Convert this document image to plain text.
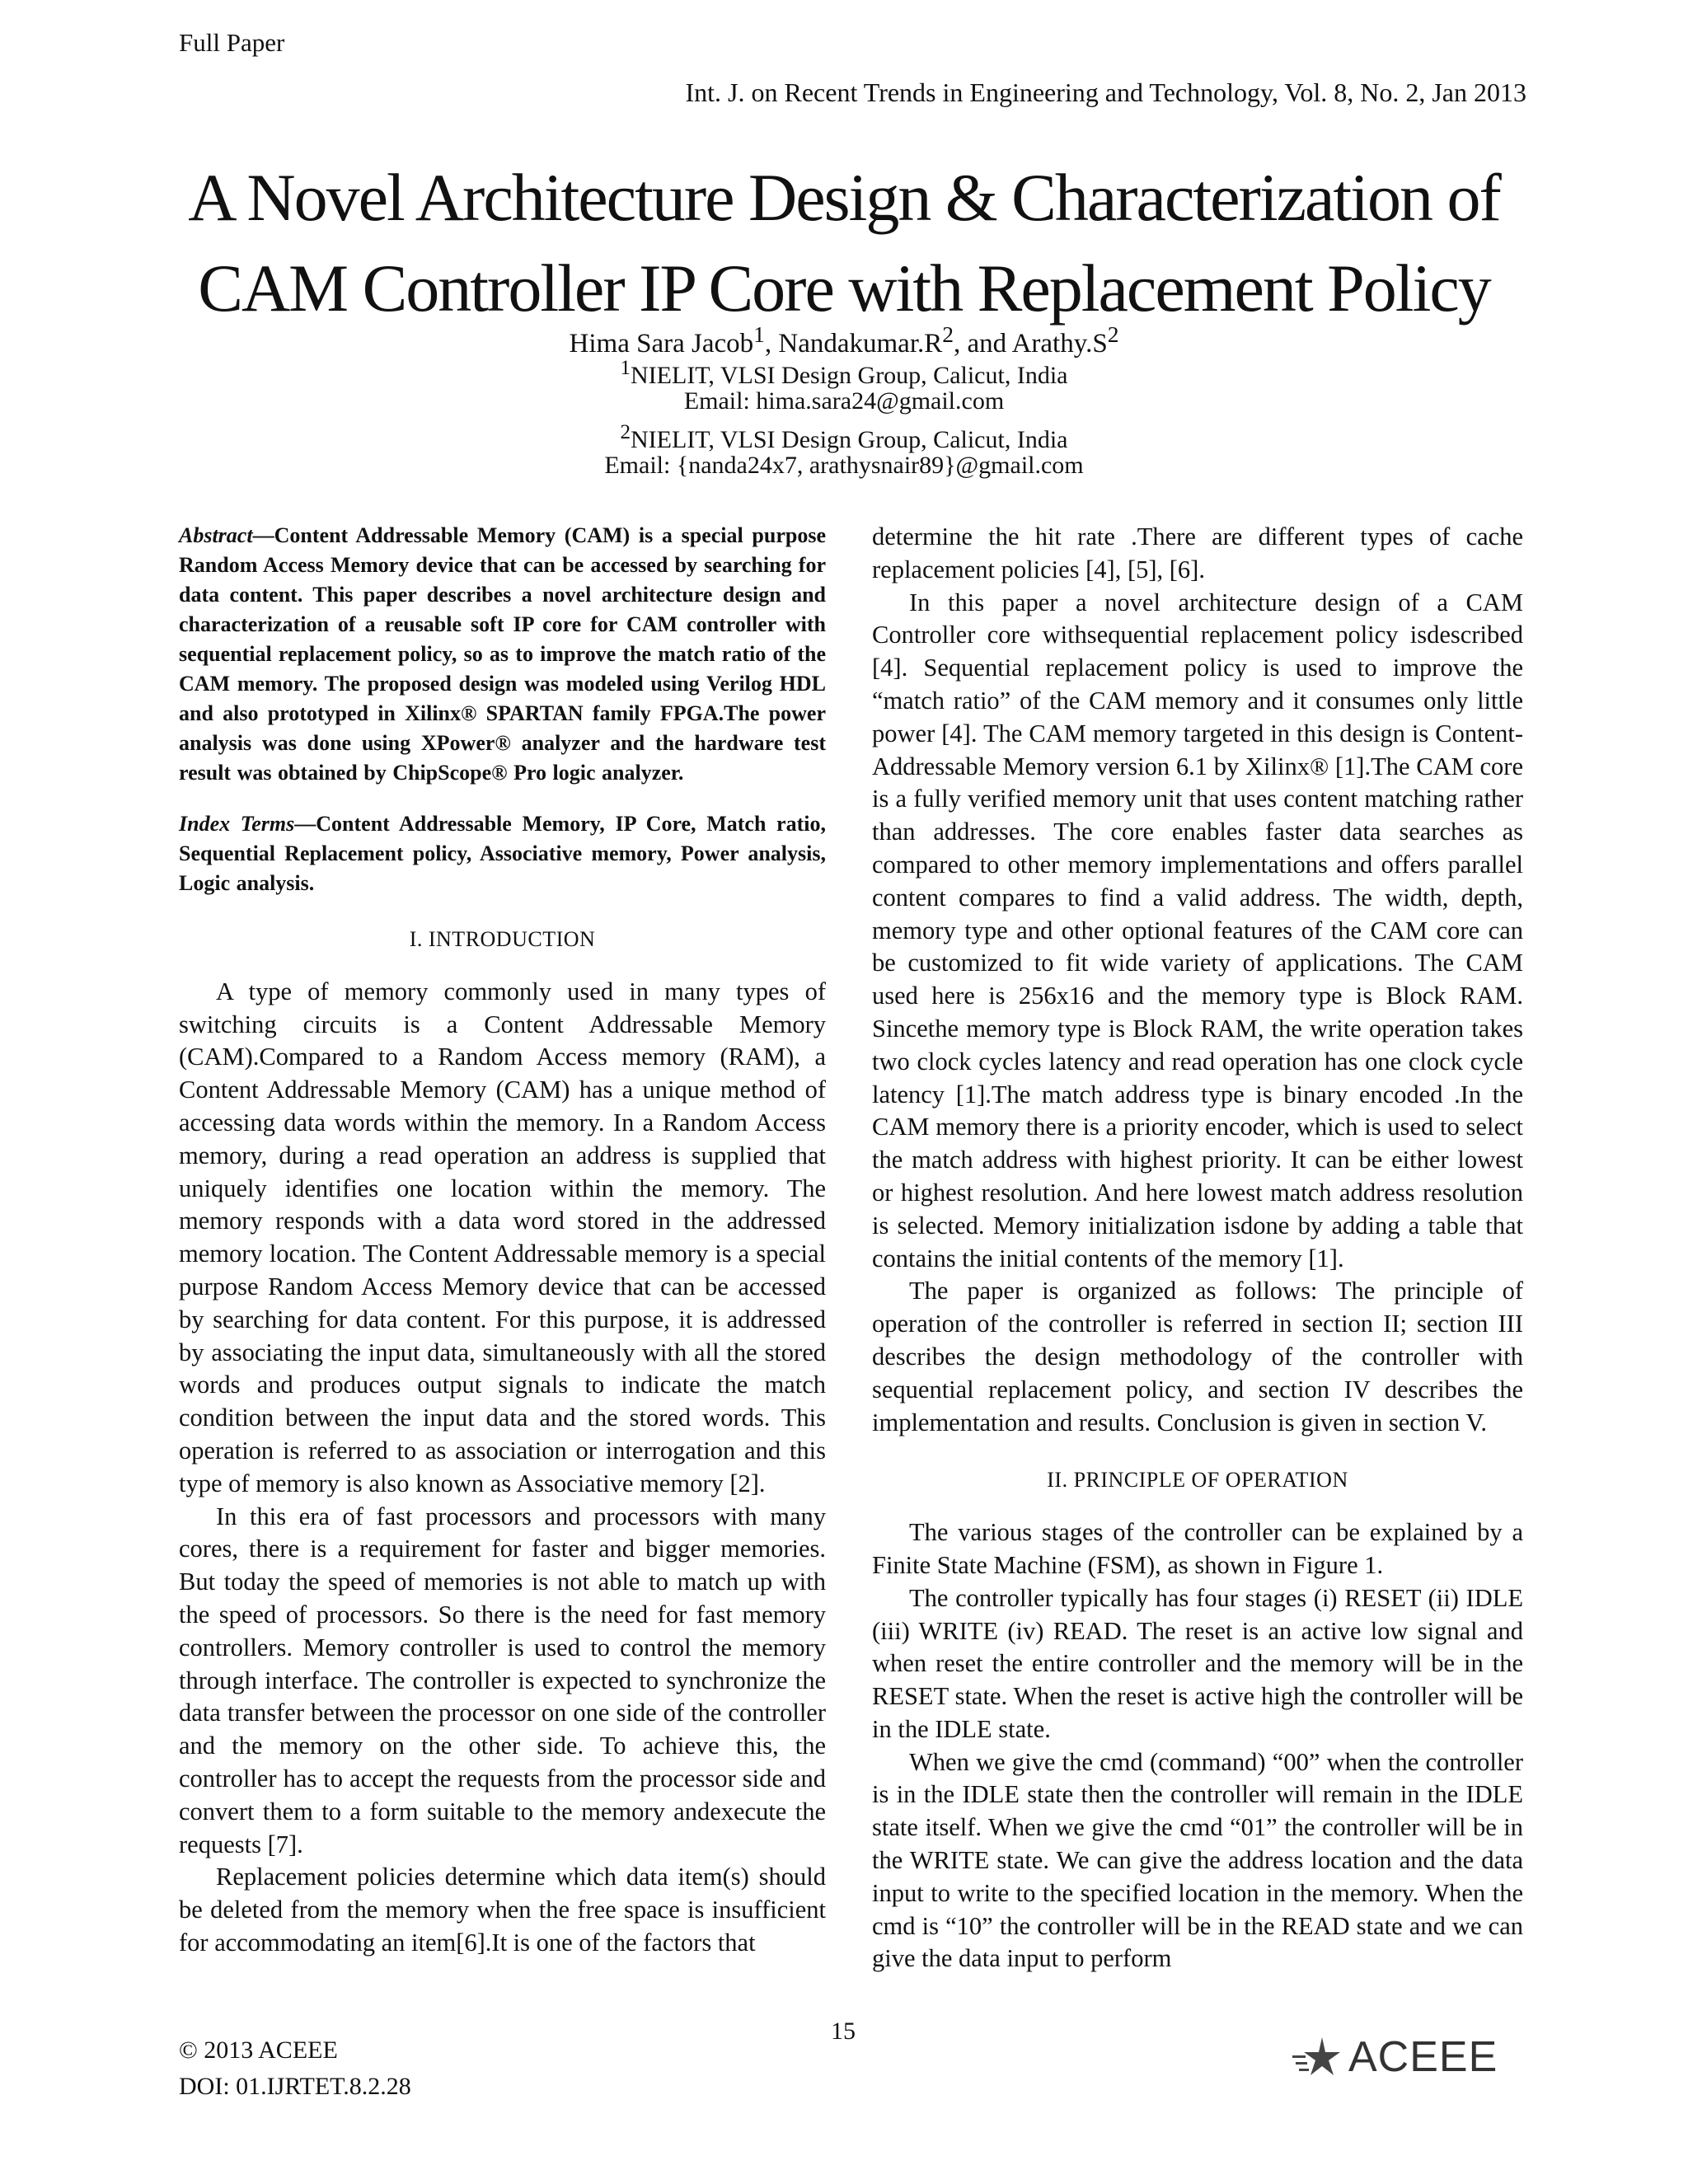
Full Paper
Int. J. on Recent Trends in Engineering and Technology, Vol. 8, No. 2, Jan 2013
A Novel Architecture Design & Characterization of
CAM Controller IP Core with Replacement Policy
Hima Sara Jacob$^1$, $Nandakumar.R^2$, and $Arathy.S^2$
$^1$NIELIT, VLSI Design Group, Calicut, India
Email: hima.sara24@gmail.com
$^2$NIELIT, VLSI Design Group, Calicut, India
Email: {nanda24x7, arathysnair89}@gmail.com

Abstract—Content Addressable Memory (CAM) is a special purpose Random Access Memory device that can be accessed by searching for data content. This paper describes a novel architecture design and characterization of a reusable soft IP core for CAM controller with sequential replacement policy, so as to improve the match ratio of the CAM memory. The proposed design was modeled using Verilog HDL and also prototyped in Xilinx® SPARTAN family FPGA.The power analysis was done using XPower® analyzer and the hardware test result was obtained by ChipScope® Pro logic analyzer.

Index Terms—Content Addressable Memory, IP Core, Match ratio, Sequential Replacement policy, Associative memory, Power analysis, Logic analysis.

I. INTRODUCTION

A type of memory commonly used in many types of switching circuits is a Content Addressable Memory (CAM).Compared to a Random Access memory (RAM), a Content Addressable Memory (CAM) has a unique method of accessing data words within the memory. In a Random Access memory, during a read operation an address is supplied that uniquely identifies one location within the memory. The memory responds with a data word stored in the addressed memory location. The Content Addressable memory is a special purpose Random Access Memory device that can be accessed by searching for data content. For this purpose, it is addressed by associating the input data, simultaneously with all the stored words and produces output signals to indicate the match condition between the input data and the stored words. This operation is referred to as association or interrogation and this type of memory is also known as Associative memory [2].

In this era of fast processors and processors with many cores, there is a requirement for faster and bigger memories. But today the speed of memories is not able to match up with the speed of processors. So there is the need for fast memory controllers. Memory controller is used to control the memory through interface. The controller is expected to synchronize the data transfer between the processor on one side of the controller and the memory on the other side. To achieve this, the controller has to accept the requests from the processor side and convert them to a form suitable to the memory andexecute the requests [7].

Replacement policies determine which data item(s) should be deleted from the memory when the free space is insufficient for accommodating an item[6].It is one of the factors that

determine the hit rate .There are different types of cache replacement policies [4], [5], [6].

In this paper a novel architecture design of a CAM Controller core withsequential replacement policy isdescribed [4]. Sequential replacement policy is used to improve the “match ratio” of the CAM memory and it consumes only little power [4]. The CAM memory targeted in this design is Content-Addressable Memory version 6.1 by Xilinx® [1].The CAM core is a fully verified memory unit that uses content matching rather than addresses. The core enables faster data searches as compared to other memory implementations and offers parallel content compares to find a valid address. The width, depth, memory type and other optional features of the CAM core can be customized to fit wide variety of applications. The CAM used here is 256x16 and the memory type is Block RAM. Sincethe memory type is Block RAM, the write operation takes two clock cycles latency and read operation has one clock cycle latency [1].The match address type is binary encoded .In the CAM memory there is a priority encoder, which is used to select the match address with highest priority. It can be either lowest or highest resolution. And here lowest match address resolution is selected. Memory initialization isdone by adding a table that contains the initial contents of the memory [1].

The paper is organized as follows: The principle of operation of the controller is referred in section II; section III describes the design methodology of the controller with sequential replacement policy, and section IV describes the implementation and results. Conclusion is given in section V.

II. PRINCIPLE OF OPERATION

The various stages of the controller can be explained by a Finite State Machine (FSM), as shown in Figure 1.

The controller typically has four stages (i) RESET (ii) IDLE (iii) WRITE (iv) READ. The reset is an active low signal and when reset the entire controller and the memory will be in the RESET state. When the reset is active high the controller will be in the IDLE state.

When we give the cmd (command) “00” when the controller is in the IDLE state then the controller will remain in the IDLE state itself. When we give the cmd “01” the controller will be in the WRITE state. We can give the address location and the data input to write to the specified location in the memory. When the cmd is “10” the controller will be in the READ state and we can give the data input to perform

15
© 2013 ACEEE
DOI: 01.IJRTET.8.2.28
ACEEE
